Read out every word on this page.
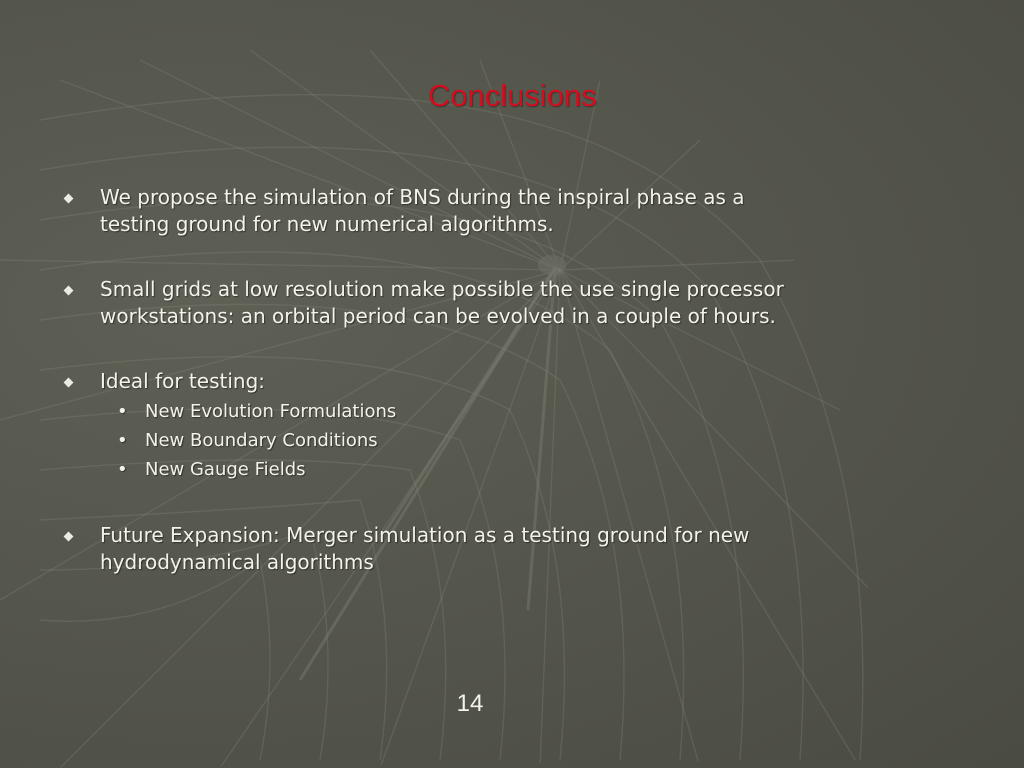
Conclusions
We propose the simulation of BNS during the inspiral phase as a
testing ground for new numerical algorithms.
Small grids at low resolution make possible the use single processor
workstations: an orbital period can be evolved in a couple of hours.
Ideal for testing:
• New Evolution Formulations
• New Boundary Conditions
• New Gauge Fields
Future Expansion: Merger simulation as a testing ground for new
hydrodynamical algorithms
14
